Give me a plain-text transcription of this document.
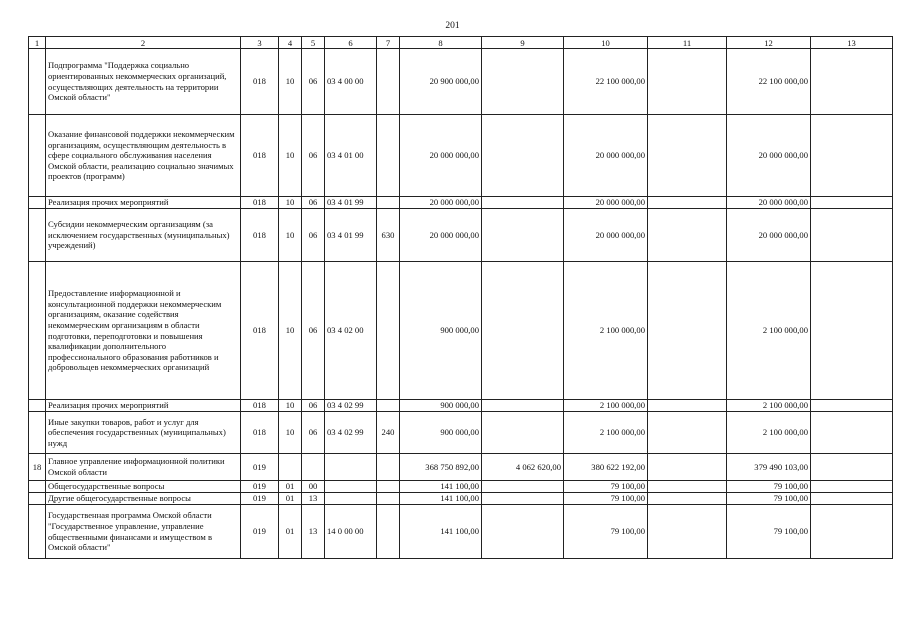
201
1	2	3	4	5	6	7	8	9	10	11	12	13
	Подпрограмма "Поддержка социально ориентированных некоммерческих организаций, осуществляющих деятельность на территории Омской области"	018	10	06	03 4 00 00		20 900 000,00		22 100 000,00		22 100 000,00	
	Оказание финансовой поддержки некоммерческим организациям, осуществляющим деятельность в сфере социального обслуживания населения Омской области, реализацию социально значимых проектов (программ)	018	10	06	03 4 01 00		20 000 000,00		20 000 000,00		20 000 000,00	
	Реализация прочих мероприятий	018	10	06	03 4 01 99		20 000 000,00		20 000 000,00		20 000 000,00	
	Субсидии некоммерческим организациям (за исключением государственных (муниципальных) учреждений)	018	10	06	03 4 01 99	630	20 000 000,00		20 000 000,00		20 000 000,00	
	Предоставление информационной и консультационной поддержки некоммерческим организациям, оказание содействия некоммерческим организациям в области подготовки, переподготовки и повышения квалификации дополнительного профессионального образования работников и добровольцев некоммерческих организаций	018	10	06	03 4 02 00		900 000,00		2 100 000,00		2 100 000,00	
	Реализация прочих мероприятий	018	10	06	03 4 02 99		900 000,00		2 100 000,00		2 100 000,00	
	Иные закупки товаров, работ и услуг для обеспечения государственных (муниципальных) нужд	018	10	06	03 4 02 99	240	900 000,00		2 100 000,00		2 100 000,00	
18	Главное управление информационной политики Омской области	019					368 750 892,00	4 062 620,00	380 622 192,00		379 490 103,00	
	Общегосударственные вопросы	019	01	00			141 100,00		79 100,00		79 100,00	
	Другие общегосударственные вопросы	019	01	13			141 100,00		79 100,00		79 100,00	
	Государственная программа Омской области "Государственное управление, управление общественными финансами и имуществом в Омской области"	019	01	13	14 0 00 00		141 100,00		79 100,00		79 100,00	
